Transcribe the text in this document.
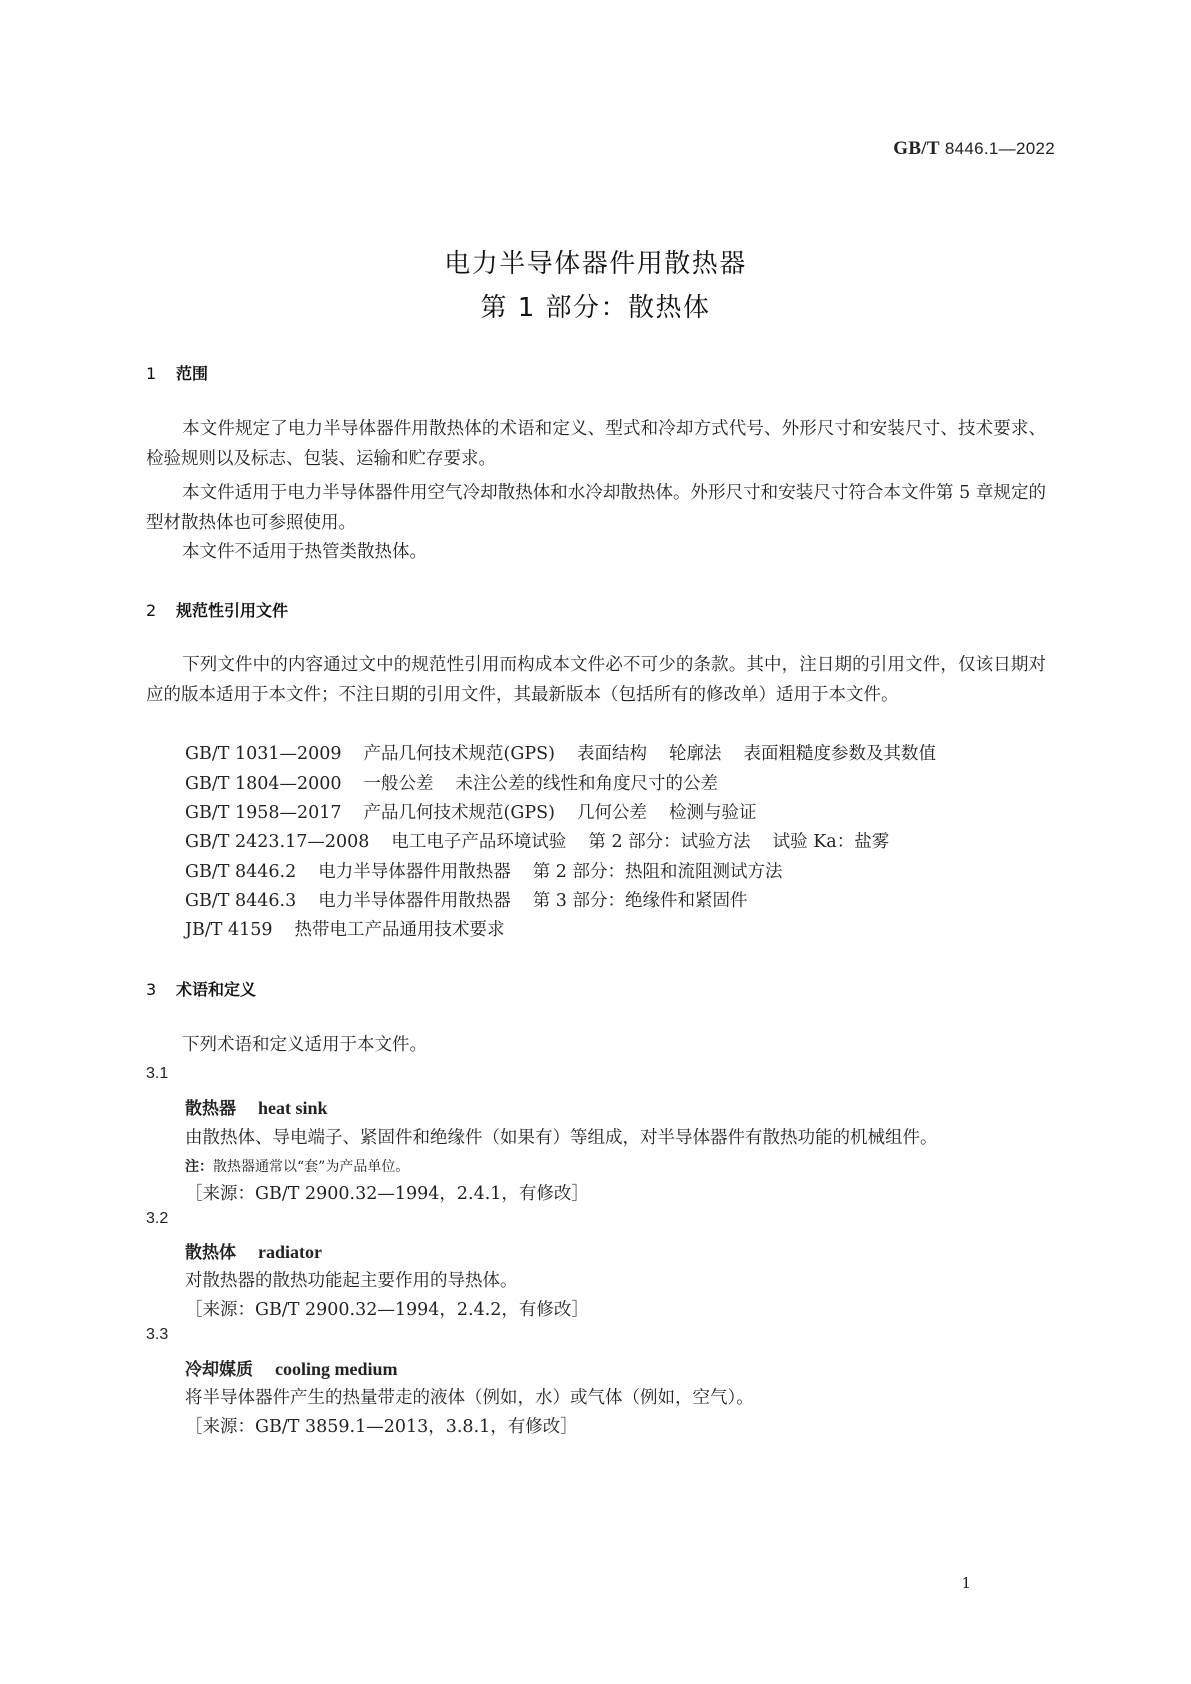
GB/T 8446.1—2022
电力半导体器件用散热器
第 1 部分：散热体
1 范围
本文件规定了电力半导体器件用散热体的术语和定义、型式和冷却方式代号、外形尺寸和安装尺寸、技术要求、检验规则以及标志、包装、运输和贮存要求。
本文件适用于电力半导体器件用空气冷却散热体和水冷却散热体。外形尺寸和安装尺寸符合本文件第 5 章规定的型材散热体也可参照使用。
本文件不适用于热管类散热体。
2 规范性引用文件
下列文件中的内容通过文中的规范性引用而构成本文件必不可少的条款。其中，注日期的引用文件，仅该日期对应的版本适用于本文件；不注日期的引用文件，其最新版本（包括所有的修改单）适用于本文件。
GB/T 1031—2009 产品几何技术规范(GPS) 表面结构 轮廓法 表面粗糙度参数及其数值
GB/T 1804—2000 一般公差 未注公差的线性和角度尺寸的公差
GB/T 1958—2017 产品几何技术规范(GPS) 几何公差 检测与验证
GB/T 2423.17—2008 电工电子产品环境试验 第 2 部分：试验方法 试验 Ka：盐雾
GB/T 8446.2 电力半导体器件用散热器 第 2 部分：热阻和流阻测试方法
GB/T 8446.3 电力半导体器件用散热器 第 3 部分：绝缘件和紧固件
JB/T 4159 热带电工产品通用技术要求
3 术语和定义
下列术语和定义适用于本文件。
3.1
散热器 heat sink
由散热体、导电端子、紧固件和绝缘件（如果有）等组成，对半导体器件有散热功能的机械组件。
注：散热器通常以“套”为产品单位。
［来源：GB/T 2900.32—1994，2.4.1，有修改］
3.2
散热体 radiator
对散热器的散热功能起主要作用的导热体。
［来源：GB/T 2900.32—1994，2.4.2，有修改］
3.3
冷却媒质 cooling medium
将半导体器件产生的热量带走的液体（例如，水）或气体（例如，空气）。
［来源：GB/T 3859.1—2013，3.8.1，有修改］
1
